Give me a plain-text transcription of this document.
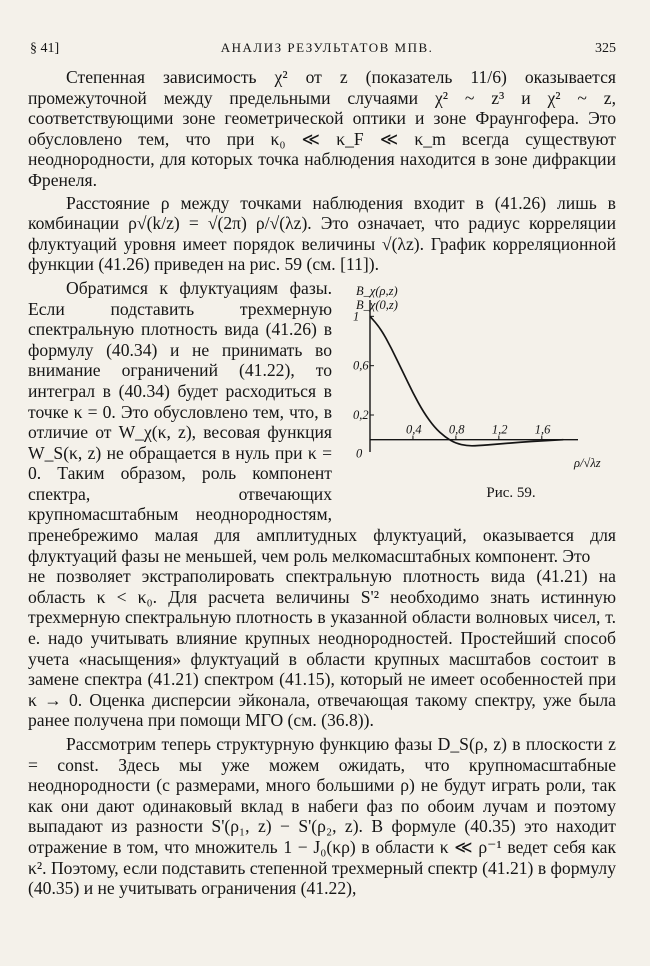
§ 41]	АНАЛИЗ РЕЗУЛЬТАТОВ МПВ.	325

Степенная зависимость χ² от z (показатель 11/6) оказывается промежуточной между предельными случаями χ² ~ z³ и χ² ~ z, соответствующими зоне геометрической оптики и зоне Фраунгофера. Это обусловлено тем, что при κ₀ ≪ κ_F ≪ κ_m всегда существуют неоднородности, для которых точка наблюдения находится в зоне дифракции Френеля.

Расстояние ρ между точками наблюдения входит в (41.26) лишь в комбинации ρ√(k/z) = √(2π) ρ/√(λz). Это означает, что радиус корреляции флуктуаций уровня имеет порядок величины √(λz). График корреляционной функции (41.26) приведен на рис. 59 (см. [11]).

0
0,4 0,8 1,2 1,6
0,2
0,6
1
B_χ(ρ,z)
B_χ(0,z)
ρ/√λz
Рис. 59.

Обратимся к флуктуациям фазы. Если подставить трехмерную спектральную плотность вида (41.26) в формулу (40.34) и не принимать во внимание ограничений (41.22), то интеграл в (40.34) будет расходиться в точке κ = 0. Это обусловлено тем, что, в отличие от W_χ(κ, z), весовая функция W_S(κ, z) не обращается в нуль при κ = 0. Таким образом, роль компонент спектра, отвечающих крупномасштабным неоднородностям, пренебрежимо малая для амплитудных флуктуаций, оказывается для флуктуаций фазы не меньшей, чем роль мелкомасштабных компонент. Это

не позволяет экстраполировать спектральную плотность вида (41.21) на область κ < κ₀. Для расчета величины S'² необходимо знать истинную трехмерную спектральную плотность в указанной области волновых чисел, т. е. надо учитывать влияние крупных неоднородностей. Простейший способ учета «насыщения» флуктуаций в области крупных масштабов состоит в замене спектра (41.21) спектром (41.15), который не имеет особенностей при κ → 0. Оценка дисперсии эйконала, отвечающая такому спектру, уже была ранее получена при помощи МГО (см. (36.8)).

Рассмотрим теперь структурную функцию фазы D_S(ρ, z) в плоскости z = const. Здесь мы уже можем ожидать, что крупномасштабные неоднородности (с размерами, много большими ρ) не будут играть роли, так как они дают одинаковый вклад в набеги фаз по обоим лучам и поэтому выпадают из разности S'(ρ₁, z) − S'(ρ₂, z). В формуле (40.35) это находит отражение в том, что множитель 1 − J₀(κρ) в области κ ≪ ρ⁻¹ ведет себя как κ². Поэтому, если подставить степенной трехмерный спектр (41.21) в формулу (40.35) и не учитывать ограничения (41.22),
